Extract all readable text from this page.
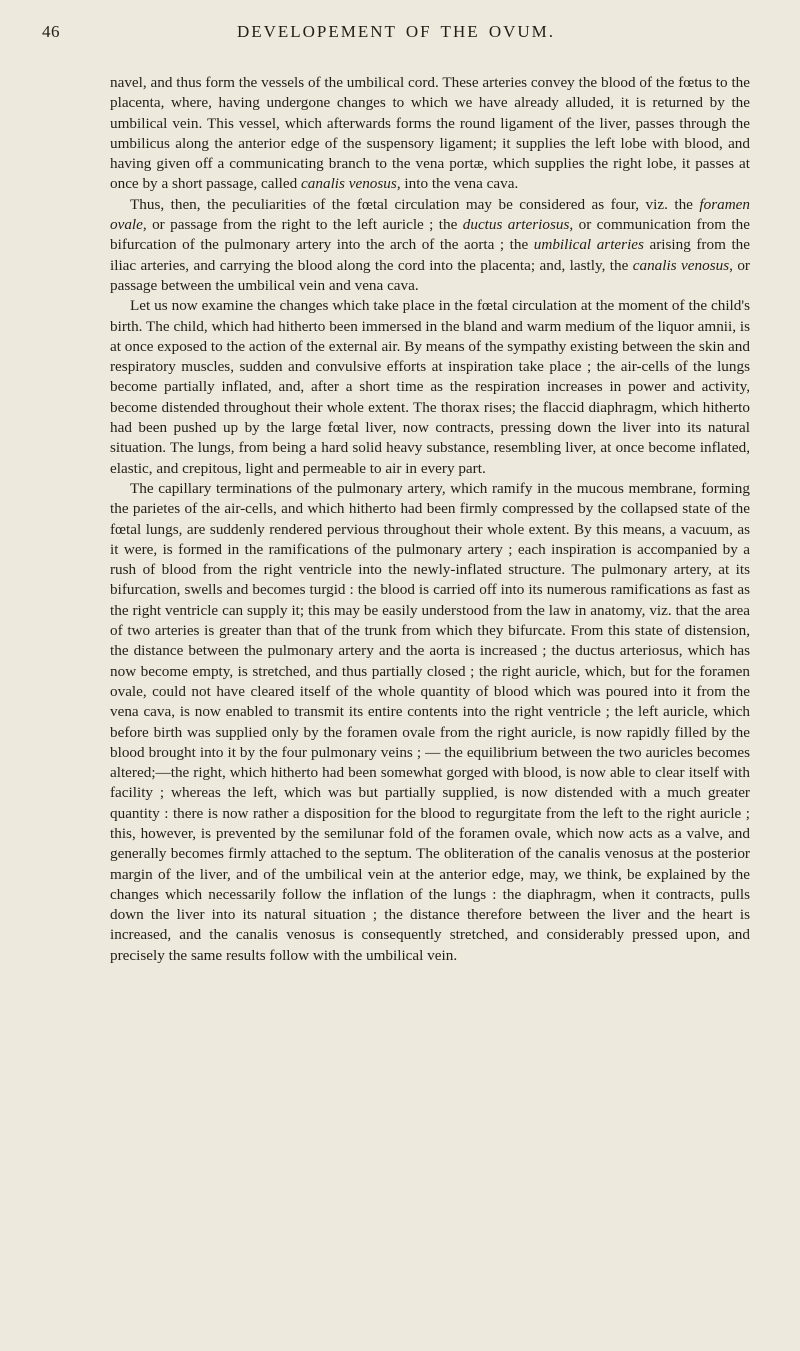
46	DEVELOPEMENT OF THE OVUM.

navel, and thus form the vessels of the umbilical cord. These arteries convey the blood of the fœtus to the placenta, where, having undergone changes to which we have already alluded, it is returned by the umbilical vein. This vessel, which afterwards forms the round ligament of the liver, passes through the umbilicus along the anterior edge of the suspensory ligament; it supplies the left lobe with blood, and having given off a communicating branch to the vena portæ, which supplies the right lobe, it passes at once by a short passage, called canalis venosus, into the vena cava.

Thus, then, the peculiarities of the fœtal circulation may be considered as four, viz. the foramen ovale, or passage from the right to the left auricle ; the ductus arteriosus, or communication from the bifurcation of the pulmonary artery into the arch of the aorta ; the umbilical arteries arising from the iliac arteries, and carrying the blood along the cord into the placenta; and, lastly, the canalis venosus, or passage between the umbilical vein and vena cava.

Let us now examine the changes which take place in the fœtal circulation at the moment of the child's birth. The child, which had hitherto been immersed in the bland and warm medium of the liquor amnii, is at once exposed to the action of the external air. By means of the sympathy existing between the skin and respiratory muscles, sudden and convulsive efforts at inspiration take place ; the air-cells of the lungs become partially inflated, and, after a short time as the respiration increases in power and activity, become distended throughout their whole extent. The thorax rises; the flaccid diaphragm, which hitherto had been pushed up by the large fœtal liver, now contracts, pressing down the liver into its natural situation. The lungs, from being a hard solid heavy substance, resembling liver, at once become inflated, elastic, and crepitous, light and permeable to air in every part.

The capillary terminations of the pulmonary artery, which ramify in the mucous membrane, forming the parietes of the air-cells, and which hitherto had been firmly compressed by the collapsed state of the fœtal lungs, are suddenly rendered pervious throughout their whole extent. By this means, a vacuum, as it were, is formed in the ramifications of the pulmonary artery ; each inspiration is accompanied by a rush of blood from the right ventricle into the newly-inflated structure. The pulmonary artery, at its bifurcation, swells and becomes turgid : the blood is carried off into its numerous ramifications as fast as the right ventricle can supply it; this may be easily understood from the law in anatomy, viz. that the area of two arteries is greater than that of the trunk from which they bifurcate. From this state of distension, the distance between the pulmonary artery and the aorta is increased ; the ductus arteriosus, which has now become empty, is stretched, and thus partially closed ; the right auricle, which, but for the foramen ovale, could not have cleared itself of the whole quantity of blood which was poured into it from the vena cava, is now enabled to transmit its entire contents into the right ventricle ; the left auricle, which before birth was supplied only by the foramen ovale from the right auricle, is now rapidly filled by the blood brought into it by the four pulmonary veins ; — the equilibrium between the two auricles becomes altered;—the right, which hitherto had been somewhat gorged with blood, is now able to clear itself with facility ; whereas the left, which was but partially supplied, is now distended with a much greater quantity : there is now rather a disposition for the blood to regurgitate from the left to the right auricle ; this, however, is prevented by the semilunar fold of the foramen ovale, which now acts as a valve, and generally becomes firmly attached to the septum. The obliteration of the canalis venosus at the posterior margin of the liver, and of the umbilical vein at the anterior edge, may, we think, be explained by the changes which necessarily follow the inflation of the lungs : the diaphragm, when it contracts, pulls down the liver into its natural situation ; the distance therefore between the liver and the heart is increased, and the canalis venosus is consequently stretched, and considerably pressed upon, and precisely the same results follow with the umbilical vein.
